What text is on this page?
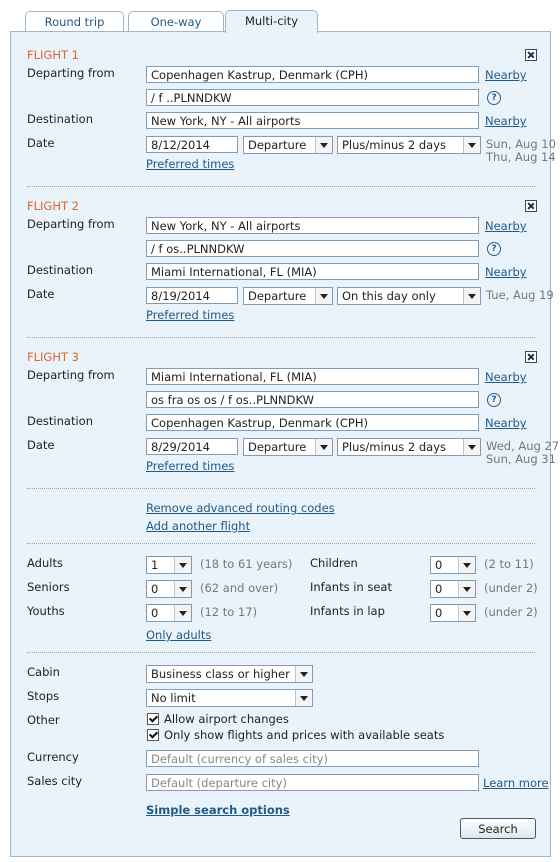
Round trip	One-way	Multi-city
FLIGHT 1
Departing from	Copenhagen Kastrup, Denmark (CPH)	Nearby
/ f ..PLNNDKW	?
Destination	New York, NY - All airports	Nearby
Date	8/12/2014	Departure	Plus/minus 2 days	Sun, Aug 10
Thu, Aug 14
Preferred times
FLIGHT 2
Departing from	New York, NY - All airports	Nearby
/ f os..PLNNDKW	?
Destination	Miami International, FL (MIA)	Nearby
Date	8/19/2014	Departure	On this day only	Tue, Aug 19
Preferred times
FLIGHT 3
Departing from	Miami International, FL (MIA)	Nearby
os fra os os / f os..PLNNDKW	?
Destination	Copenhagen Kastrup, Denmark (CPH)	Nearby
Date	8/29/2014	Departure	Plus/minus 2 days	Wed, Aug 27
Sun, Aug 31
Preferred times
Remove advanced routing codes
Add another flight
Adults	1	(18 to 61 years) Children	0	(2 to 11)
Seniors	0	(62 and over)	Infants in seat	0	(under 2)
Youths	0	(12 to 17)	Infants in lap	0	(under 2)
Only adults
Cabin	Business class or higher
Stops	No limit
Other	Allow airport changes
Only show flights and prices with available seats
Currency	Default (currency of sales city)
Sales city	Default (departure city)	Learn more
Simple search options
Search
